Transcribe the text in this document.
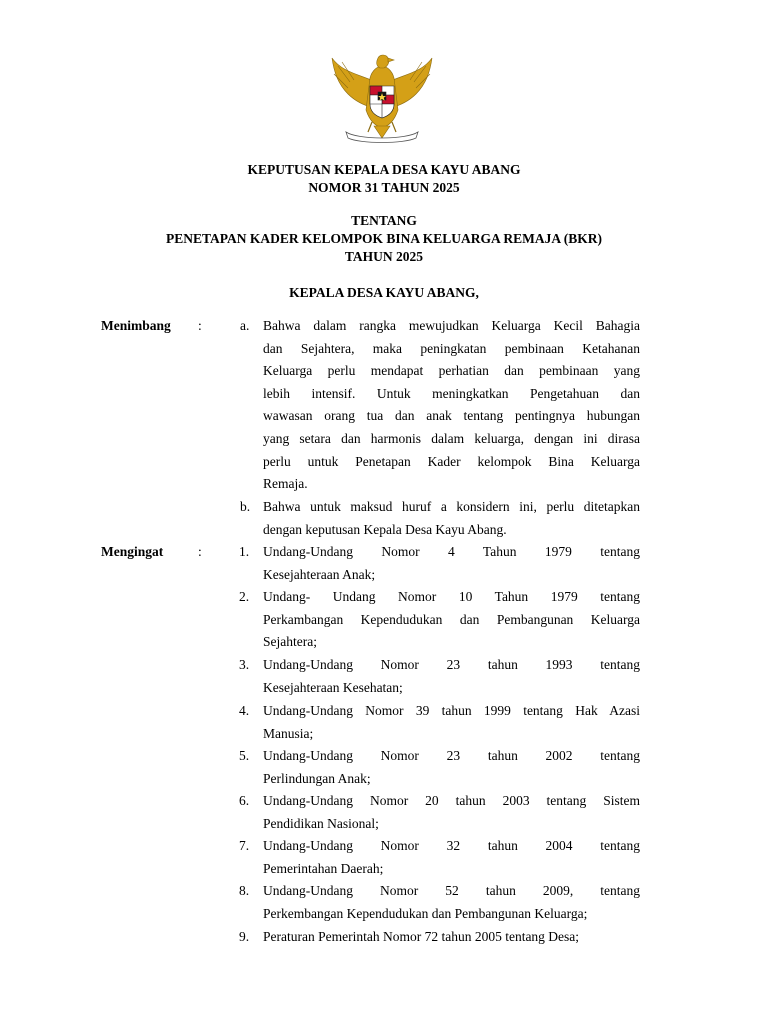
KEPUTUSAN KEPALA DESA KAYU ABANG
NOMOR 31 TAHUN 2025
TENTANG
PENETAPAN KADER KELOMPOK BINA KELUARGA REMAJA (BKR)
TAHUN 2025
KEPALA DESA KAYU ABANG,
Menimbang :	a. Bahwa dalam rangka mewujudkan Keluarga Kecil Bahagia
dan Sejahtera, maka peningkatan pembinaan Ketahanan
Keluarga perlu mendapat perhatian dan pembinaan yang
lebih intensif. Untuk meningkatkan Pengetahuan dan
wawasan orang tua dan anak tentang pentingnya hubungan
yang setara dan harmonis dalam keluarga, dengan ini dirasa
perlu untuk Penetapan Kader kelompok Bina Keluarga
Remaja.
b. Bahwa untuk maksud huruf a konsidern ini, perlu ditetapkan
dengan keputusan Kepala Desa Kayu Abang.
Mengingat	:	1. Undang-Undang Nomor 4 Tahun 1979 tentang
Kesejahteraan Anak;
2. Undang- Undang Nomor 10 Tahun 1979 tentang
Perkambangan Kependudukan dan Pembangunan Keluarga
Sejahtera;
3. Undang-Undang Nomor 23 tahun 1993 tentang
Kesejahteraan Kesehatan;
4. Undang-Undang Nomor 39 tahun 1999 tentang Hak Azasi
Manusia;
5. Undang-Undang Nomor 23 tahun 2002 tentang
Perlindungan Anak;
6. Undang-Undang Nomor 20 tahun 2003 tentang Sistem
Pendidikan Nasional;
7. Undang-Undang Nomor 32 tahun 2004 tentang
Pemerintahan Daerah;
8. Undang-Undang Nomor 52 tahun 2009, tentang
Perkembangan Kependudukan dan Pembangunan Keluarga;
9. Peraturan Pemerintah Nomor 72 tahun 2005 tentang Desa;
